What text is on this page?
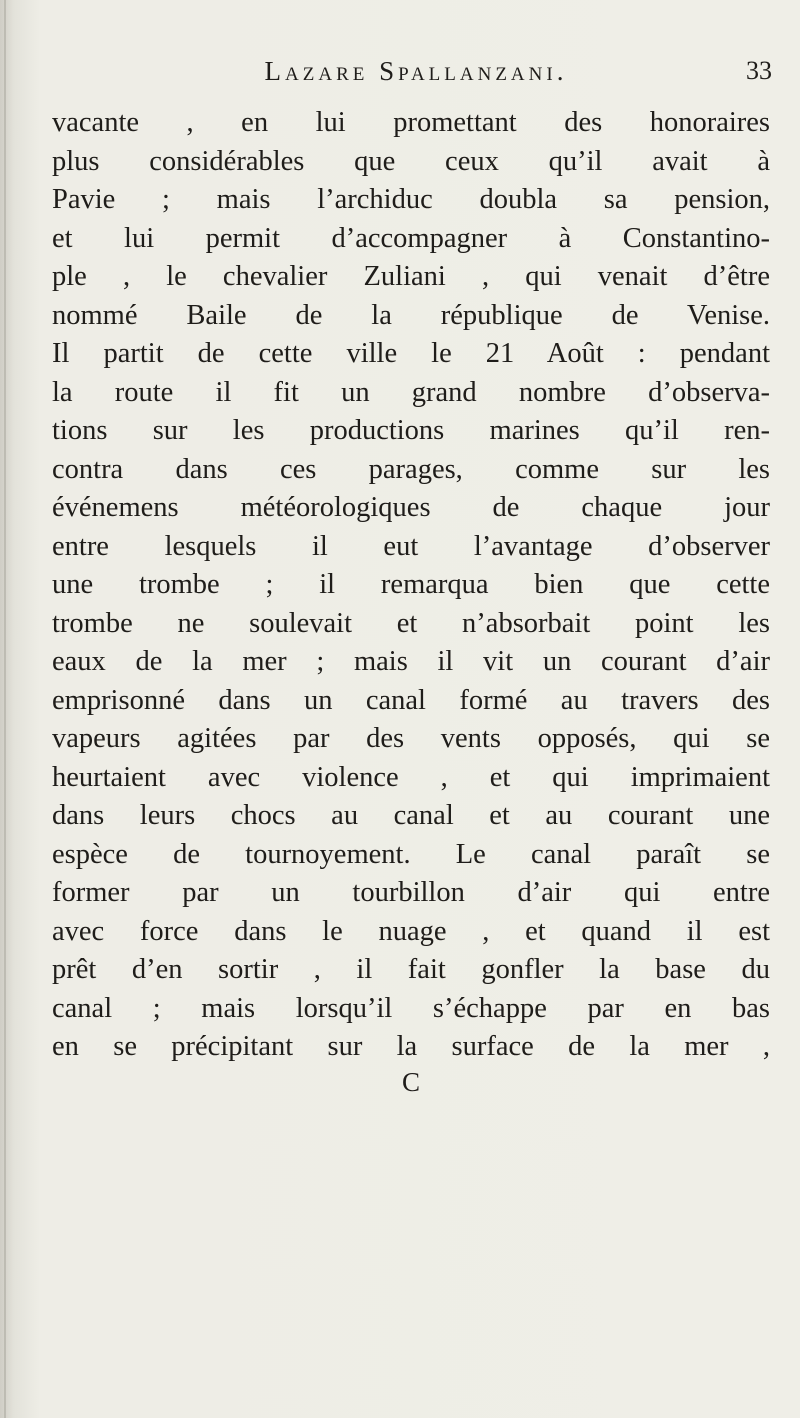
Lazare Spallanzani.	33
vacante , en lui promettant des honoraires
plus considérables que ceux qu’il avait à
Pavie ; mais l’archiduc doubla sa pension,
et lui permit d’accompagner à Constantino-
ple , le chevalier Zuliani , qui venait d’être
nommé Baile de la république de Venise.
Il partit de cette ville le 21 Août : pendant
la route il fit un grand nombre d’observa-
tions sur les productions marines qu’il ren-
contra dans ces parages, comme sur les
événemens météorologiques de chaque jour
entre lesquels il eut l’avantage d’observer
une trombe ; il remarqua bien que cette
trombe ne soulevait et n’absorbait point les
eaux de la mer ; mais il vit un courant d’air
emprisonné dans un canal formé au travers des
vapeurs agitées par des vents opposés, qui se
heurtaient avec violence , et qui imprimaient
dans leurs chocs au canal et au courant une
espèce de tournoyement. Le canal paraît se
former par un tourbillon d’air qui entre
avec force dans le nuage , et quand il est
prêt d’en sortir , il fait gonfler la base du
canal ; mais lorsqu’il s’échappe par en bas
en se précipitant sur la surface de la mer ,
C
